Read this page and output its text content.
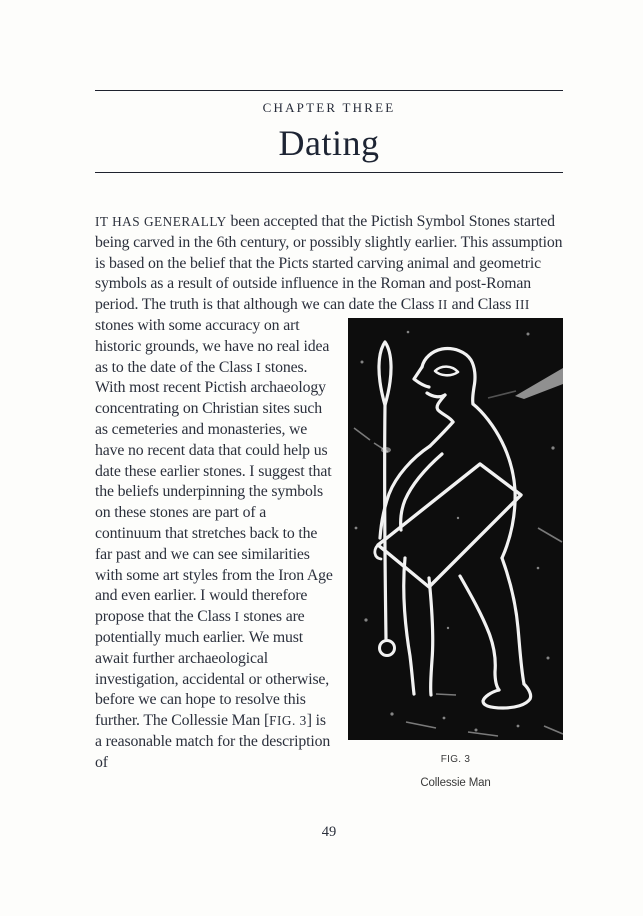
CHAPTER THREE
Dating

IT HAS GENERALLY been accepted that the Pictish Symbol Stones started being carved in the 6th century, or possibly slightly earlier. This assumption is based on the belief that the Picts started carving animal and geometric symbols as a result of outside influence in the Roman and post-Roman period. The truth is that although we can date the Class II and Class III stones with some accuracy on art
FIG. 3
Collessie Man
historic grounds, we have no real idea as to the date of the Class I stones. With most recent Pictish archaeology concentrating on Christian sites such as cemeteries and monasteries, we have no recent data that could help us date these earlier stones. I suggest that the beliefs underpinning the symbols on these stones are part of a continuum that stretches back to the far past and we can see similarities with some art styles from the Iron Age and even earlier. I would therefore propose that the Class I stones are potentially much earlier. We must await further archaeological investigation, accidental or otherwise, before we can hope to resolve this further. The Collessie Man [FIG. 3] is a reasonable match for the description of

49
